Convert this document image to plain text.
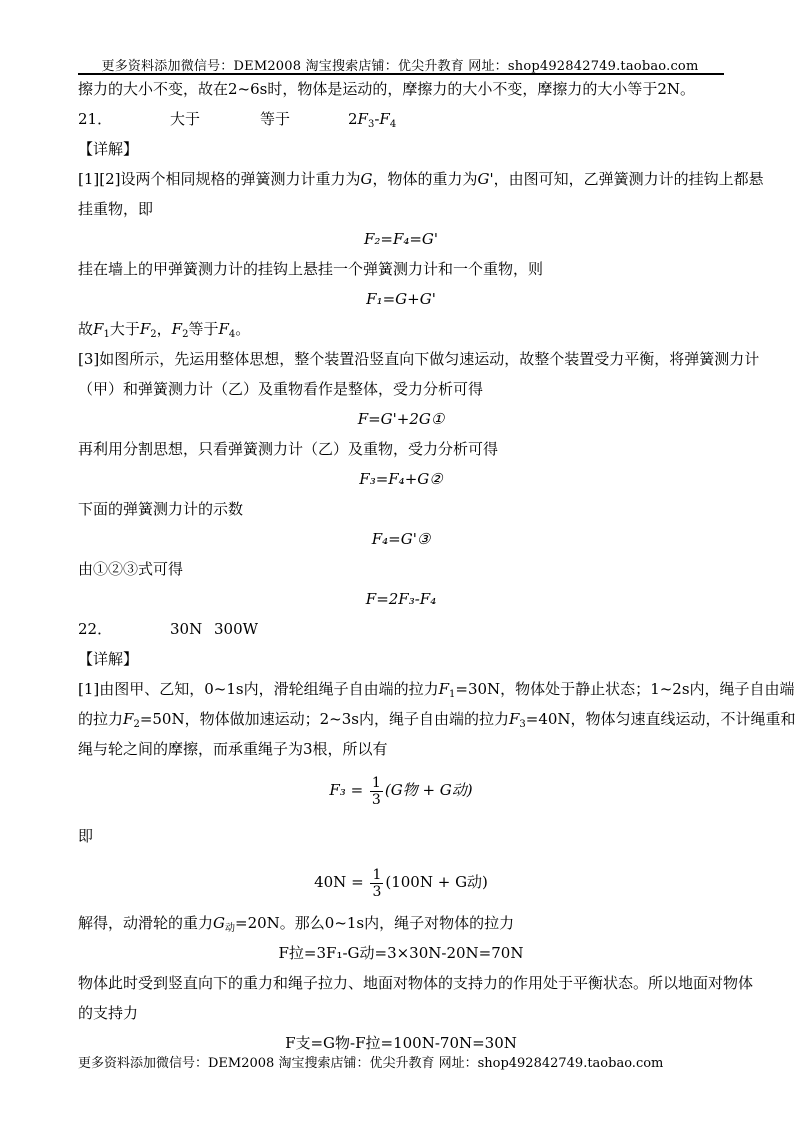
更多资料添加微信号：DEM2008 淘宝搜索店铺：优尖升教育 网址：shop492842749.taobao.com
擦力的大小不变，故在2~6s时，物体是运动的，摩擦力的大小不变，摩擦力的大小等于2N。
21．	大于	等于	$2F_3-F_4$
【详解】
[1][2]设两个相同规格的弹簧测力计重力为G，物体的重力为G'，由图可知，乙弹簧测力计的挂钩上都悬
挂重物，即
F₂=F₄=G'
挂在墙上的甲弹簧测力计的挂钩上悬挂一个弹簧测力计和一个重物，则
F₁=G+G'
故$F_1$大于$F_2$，$F_2$等于$F_4$。
[3]如图所示，先运用整体思想，整个装置沿竖直向下做匀速运动，故整个装置受力平衡，将弹簧测力计
（甲）和弹簧测力计（乙）及重物看作是整体，受力分析可得
F=G'+2G①
再利用分割思想，只看弹簧测力计（乙）及重物，受力分析可得
F₃=F₄+G②
下面的弹簧测力计的示数
F₄=G'③
由①②③式可得
F=2F₃-F₄
22．	30N 300W
【详解】
[1]由图甲、乙知，0~1s内，滑轮组绳子自由端的拉力$F_1=30N$，物体处于静止状态；1~2s内，绳子自由端
的拉力$F_2=50N$，物体做加速运动；2~3s内，绳子自由端的拉力$F_3=40N$，物体匀速直线运动，不计绳重和
绳与轮之间的摩擦，而承重绳子为3根，所以有
$F_3 = \frac{1}{3} (G$物 + G动)
即
$40N = \frac{1}{3} (100N + G$动)
解得，动滑轮的重力$G_动=20N$。那么0~1s内，绳子对物体的拉力
F拉=3F₁-G动=3×30N-20N=70N
物体此时受到竖直向下的重力和绳子拉力、地面对物体的支持力的作用处于平衡状态。所以地面对物体
的支持力
F支=G物-F拉=100N-70N=30N
更多资料添加微信号：DEM2008 淘宝搜索店铺：优尖升教育 网址：shop492842749.taobao.com
